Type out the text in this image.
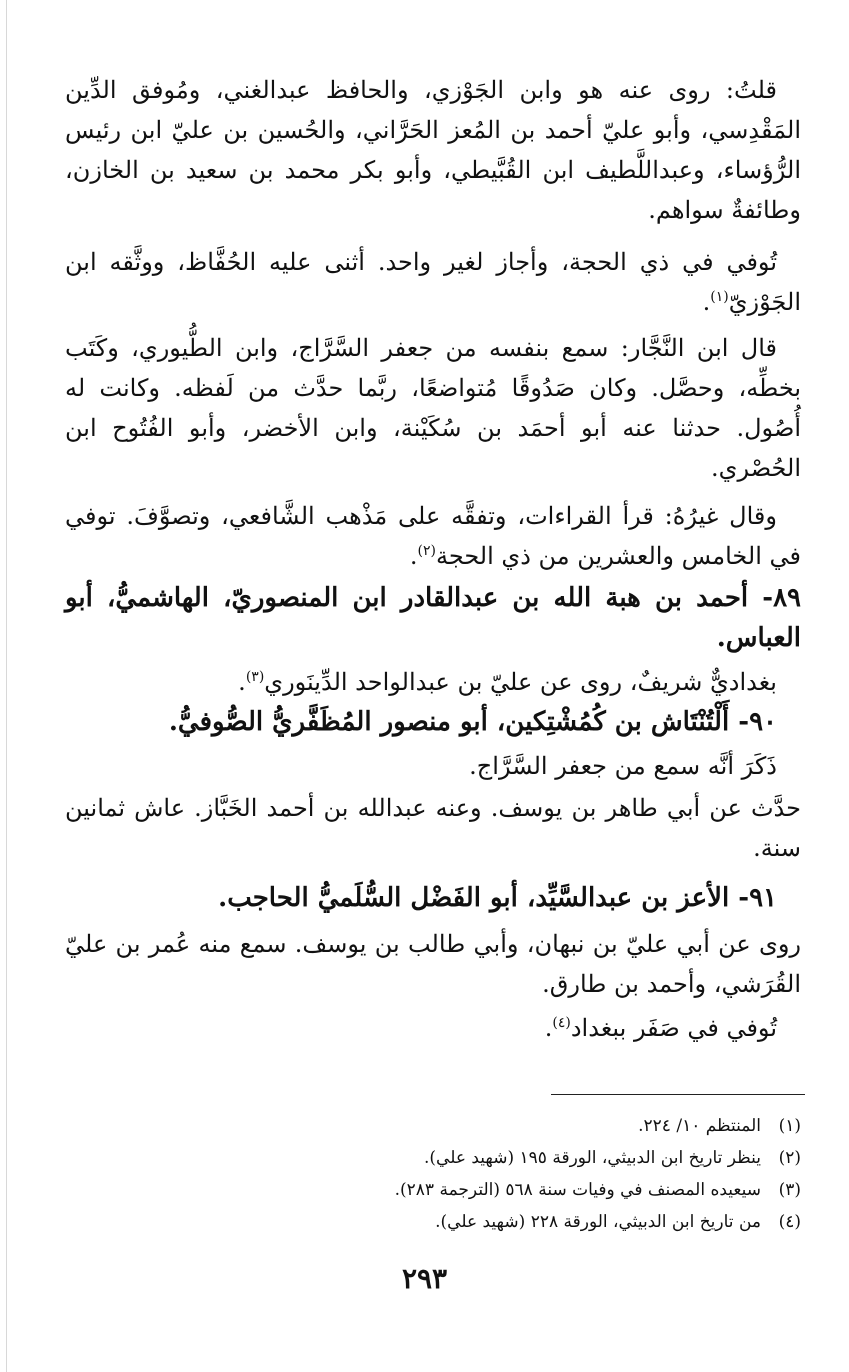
قلتُ: روى عنه هو وابن الجَوْزي، والحافظ عبدالغني، ومُوفق الدِّين المَقْدِسي، وأبو عليّ أحمد بن المُعز الحَرَّاني، والحُسين بن عليّ ابن رئيس الرُّؤساء، وعبداللَّطيف ابن القُبَّيطي، وأبو بكر محمد بن سعيد بن الخازن، وطائفةٌ سواهم.

تُوفي في ذي الحجة، وأجاز لغير واحد. أثنى عليه الحُفَّاظ، ووثَّقه ابن الجَوْزيّ$^{(١)}$.

قال ابن النَّجَّار: سمع بنفسه من جعفر السَّرَّاج، وابن الطُّيوري، وكَتَب بخطِّه، وحصَّل. وكان صَدُوقًا مُتواضعًا، ربَّما حدَّث من لَفظه. وكانت له أُصُول. حدثنا عنه أبو أحمَد بن سُكَيْنة، وابن الأخضر، وأبو الفُتُوح ابن الحُصْري.

وقال غيرُهُ: قرأ القراءات، وتفقَّه على مَذْهب الشَّافعي، وتصوَّفَ. توفي في الخامس والعشرين من ذي الحجة$^{(٢)}$.

٨٩- أحمد بن هبة الله بن عبدالقادر ابن المنصوريّ، الهاشميُّ، أبو العباس.

بغداديٌّ شريفٌ، روى عن عليّ بن عبدالواحد الدِّينَوري$^{(٣)}$.

٩٠- أَلْتُنْتَاش بن كُمُشْتِكين، أبو منصور المُظَفَّريُّ الصُّوفيُّ.

ذَكَرَ أنَّه سمع من جعفر السَّرَّاج.

حدَّث عن أبي طاهر بن يوسف. وعنه عبدالله بن أحمد الخَبَّاز. عاش ثمانين سنة.

٩١- الأعز بن عبدالسَّيِّد، أبو الفَضْل السُّلَميُّ الحاجب.

روى عن أبي عليّ بن نبهان، وأبي طالب بن يوسف. سمع منه عُمر بن عليّ القُرَشي، وأحمد بن طارق.

تُوفي في صَفَر ببغداد$^{(٤)}$.

(١)المنتظم ١٠/ ٢٢٤.
(٢)ينظر تاريخ ابن الدبيثي، الورقة ١٩٥ (شهيد علي).
(٣)سيعيده المصنف في وفيات سنة ٥٦٨ (الترجمة ٢٨٣).
(٤)من تاريخ ابن الدبيثي، الورقة ٢٢٨ (شهيد علي).
٢٩٣
